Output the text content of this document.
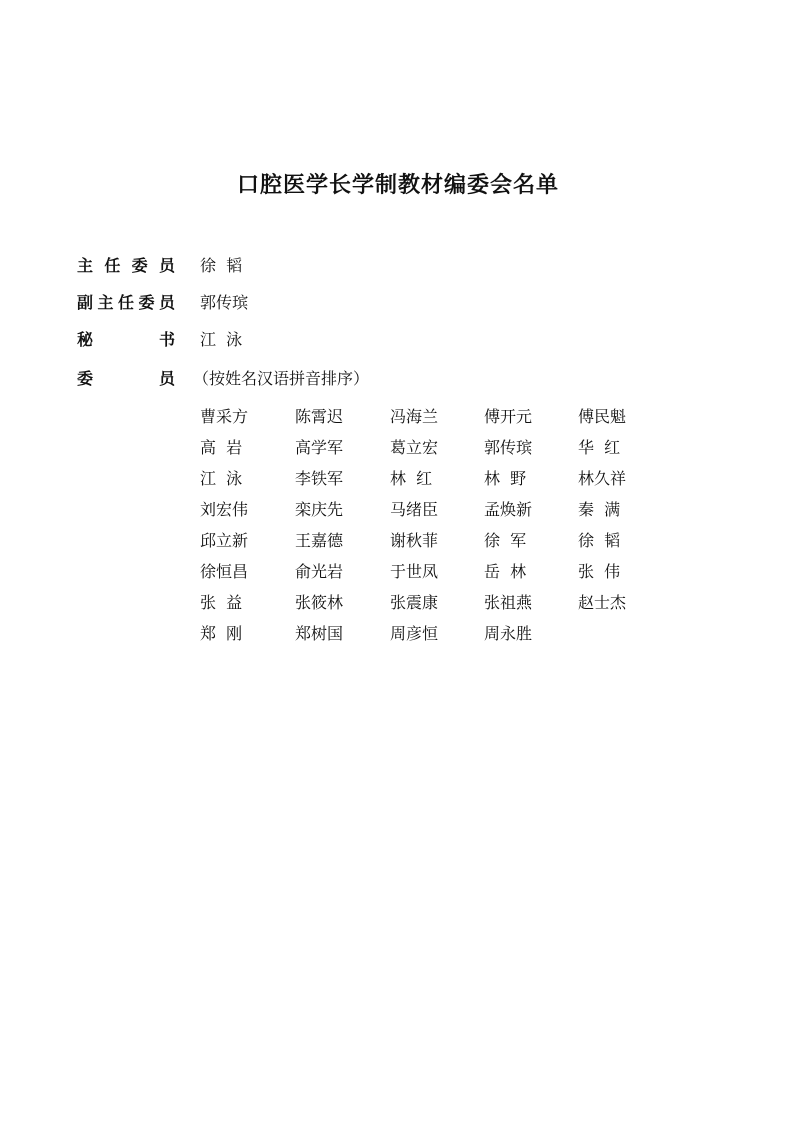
口腔医学长学制教材编委会名单
主 任 委 员 徐  韬
副 主 任 委 员 郭传瑸
秘	书 江  泳
委	员 （按姓名汉语拼音排序）
曹采方	陈霄迟	冯海兰	傅开元	傅民魁
高  岩	高学军	葛立宏	郭传瑸	华  红
江  泳	李铁军	林  红	林  野	林久祥
刘宏伟	栾庆先	马绪臣	孟焕新	秦  满
邱立新	王嘉德	谢秋菲	徐  军	徐  韬
徐恒昌	俞光岩	于世凤	岳  林	张  伟
张  益	张筱林	张震康	张祖燕	赵士杰
郑  刚	郑树国	周彦恒	周永胜
